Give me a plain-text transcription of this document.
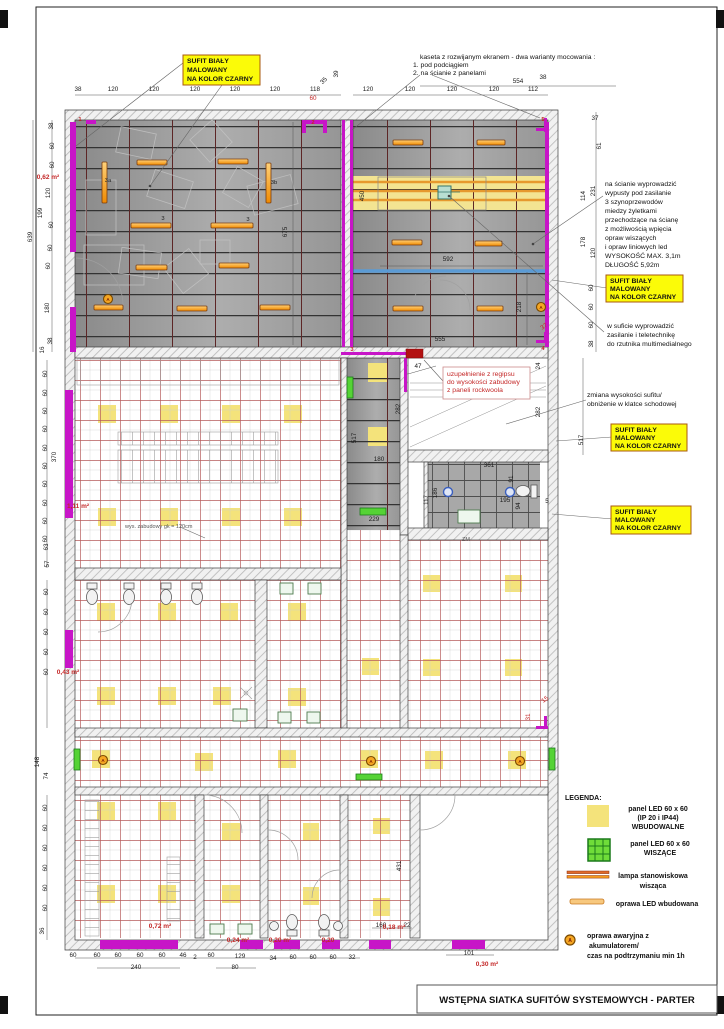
A
A
A	A	A
SUFIT BIAŁY
MALOWANY
NA KOLOR CZARNY
SUFIT BIAŁY
MALOWANY
NA KOLOR CZARNY
SUFIT BIAŁY
MALOWANY
NA KOLOR CZARNY
SUFIT BIAŁY
MALOWANY
NA KOLOR CZARNY
kaseta z rozwijanym ekranem - dwa warianty mocowania :
1. pod podciągiem
2. na ścianie z panelami
na ścianie wyprowadzić
wypusty pod zasilanie
3 szynoprzewodów
miedzy żyletkami
przechodzące na ścianę
z możliwością wpięcia
opraw wiszących
i opraw liniowych led
WYSOKOŚĆ MAX. 3,1m
DŁUGOŚĆ 5,92m
w suficie wyprowadzić
zasilanie i teletechnikę
do rzutnika multimedialnego
zmiana wysokości sufitu/
obniżenie w klatce schodowej
uzupełnienie z regipsu
do wysokości zabudowy
z paneli rockwoola
wys. zabudowy gk = 120cm
ZM
38	120	120	120	120	120	118
60
35
39
120	120	120	120	112
38
554
37
61
231
114
178
120
60
60
60
38
38
60
60
120
199
639
60
60
60
180
38
16
60
60
60
60
60
60
60
60
60
60
370
63
57
60
60
60
60
60
148
74
60
60
60
60
60
60
36
60	60 60 60 60 46 2 60	129	34 60 60 60 32
240	80
160	22
101
675
450
592
555
218
47	24
282	282
517	517
180
229
361
91
186
117	195
94
5
431
37
15
31
0,62 m²
1,11 m²
0,43 m²
0,72 m²
0,24 m²	0,20 m²	0,20
0,18 m²
0,30 m²
1	2	5
3	4
3a	3b
3	3
LEGENDA:
panel LED 60 x 60
(IP 20 i IP44)
WBUDOWALNE
panel LED 60 x 60
WISZĄCE
lampa stanowiskowa
wisząca
oprawa LED wbudowana
A
oprawa awaryjna z
akumulatorem/
czas na podtrzymaniu min 1h
WSTĘPNA SIATKA SUFITÓW SYSTEMOWYCH - PARTER
